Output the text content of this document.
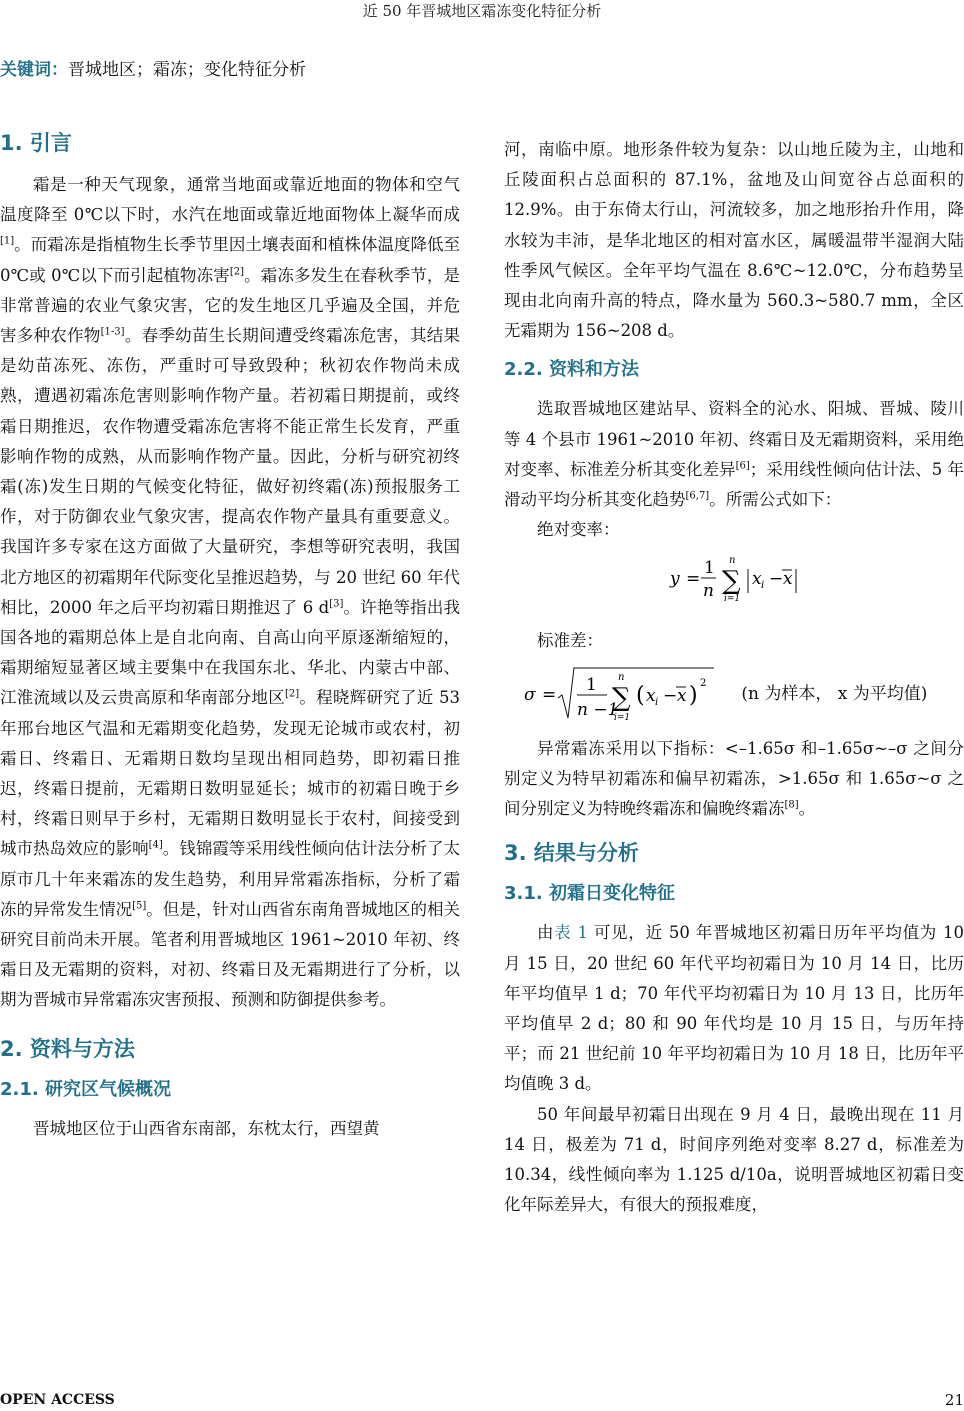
近 50 年晋城地区霜冻变化特征分析
关键词：晋城地区；霜冻；变化特征分析
1. 引言

霜是一种天气现象，通常当地面或靠近地面的物体和空气温度降至 0℃以下时，水汽在地面或靠近地面物体上凝华而成[1]。而霜冻是指植物生长季节里因土壤表面和植株体温度降低至 0℃或 0℃以下而引起植物冻害[2]。霜冻多发生在春秋季节，是非常普遍的农业气象灾害，它的发生地区几乎遍及全国，并危害多种农作物[1-3]。春季幼苗生长期间遭受终霜冻危害，其结果是幼苗冻死、冻伤，严重时可导致毁种；秋初农作物尚未成熟，遭遇初霜冻危害则影响作物产量。若初霜日期提前，或终霜日期推迟，农作物遭受霜冻危害将不能正常生长发育，严重影响作物的成熟，从而影响作物产量。因此，分析与研究初终霜(冻)发生日期的气候变化特征，做好初终霜(冻)预报服务工作，对于防御农业气象灾害，提高农作物产量具有重要意义。我国许多专家在这方面做了大量研究，李想等研究表明，我国北方地区的初霜期年代际变化呈推迟趋势，与 20 世纪 60 年代相比，2000 年之后平均初霜日期推迟了 6 d[3]。许艳等指出我国各地的霜期总体上是自北向南、自高山向平原逐渐缩短的，霜期缩短显著区域主要集中在我国东北、华北、内蒙古中部、江淮流域以及云贵高原和华南部分地区[2]。程晓辉研究了近 53 年邢台地区气温和无霜期变化趋势，发现无论城市或农村，初霜日、终霜日、无霜期日数均呈现出相同趋势，即初霜日推迟，终霜日提前，无霜期日数明显延长；城市的初霜日晚于乡村，终霜日则早于乡村，无霜期日数明显长于农村，间接受到城市热岛效应的影响[4]。钱锦霞等采用线性倾向估计法分析了太原市几十年来霜冻的发生趋势，利用异常霜冻指标，分析了霜冻的异常发生情况[5]。但是，针对山西省东南角晋城地区的相关研究目前尚未开展。笔者利用晋城地区 1961~2010 年初、终霜日及无霜期的资料，对初、终霜日及无霜期进行了分析，以期为晋城市异常霜冻灾害预报、预测和防御提供参考。

2. 资料与方法
2.1. 研究区气候概况

晋城地区位于山西省东南部，东枕太行，西望黄

河，南临中原。地形条件较为复杂：以山地丘陵为主，山地和丘陵面积占总面积的 87.1%，盆地及山间宽谷占总面积的 12.9%。由于东倚太行山，河流较多，加之地形抬升作用，降水较为丰沛，是华北地区的相对富水区，属暖温带半湿润大陆性季风气候区。全年平均气温在 8.6℃~12.0℃，分布趋势呈现由北向南升高的特点，降水量为 560.3~580.7 mm，全区无霜期为 156~208 d。

2.2. 资料和方法

选取晋城地区建站早、资料全的沁水、阳城、晋城、陵川等 4 个县市 1961~2010 年初、终霜日及无霜期资料，采用绝对变率、标准差分析其变化差异[6]；采用线性倾向估计法、5 年滑动平均分析其变化趋势[6,7]。所需公式如下：

绝对变率：

y =
1
n ∑
n
i=1
x i − x

标准差：

σ = 1
n −1
∑
n
i=1
( x i − x ) 2
(n 为样本， x 为平均值)

异常霜冻采用以下指标：<–1.65σ 和–1.65σ~–σ 之间分别定义为特早初霜冻和偏早初霜冻，>1.65σ 和 1.65σ~σ 之间分别定义为特晚终霜冻和偏晚终霜冻[8]。

3. 结果与分析
3.1. 初霜日变化特征

由表 1 可见，近 50 年晋城地区初霜日历年平均值为 10 月 15 日，20 世纪 60 年代平均初霜日为 10 月 14 日，比历年平均值早 1 d；70 年代平均初霜日为 10 月 13 日，比历年平均值早 2 d；80 和 90 年代均是 10 月 15 日，与历年持平；而 21 世纪前 10 年平均初霜日为 10 月 18 日，比历年平均值晚 3 d。

50 年间最早初霜日出现在 9 月 4 日，最晚出现在 11 月 14 日，极差为 71 d，时间序列绝对变率 8.27 d，标准差为 10.34，线性倾向率为 1.125 d/10a，说明晋城地区初霜日变化年际差异大，有很大的预报难度，

OPEN ACCESS	21
